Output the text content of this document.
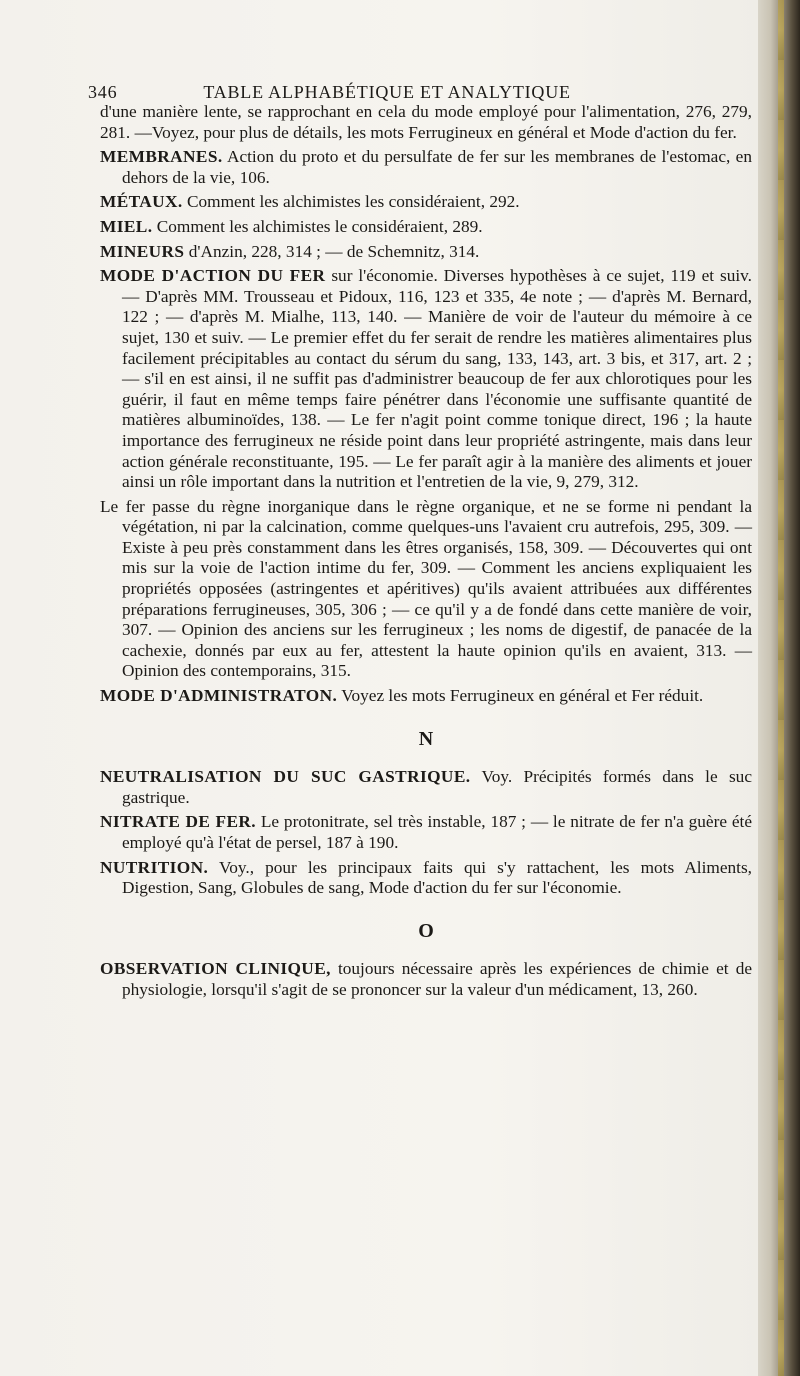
346	TABLE ALPHABÉTIQUE ET ANALYTIQUE

d'une manière lente, se rapprochant en cela du mode employé pour l'alimentation, 276, 279, 281. —Voyez, pour plus de détails, les mots Ferrugineux en général et Mode d'action du fer.

MEMBRANES. Action du proto et du persulfate de fer sur les membranes de l'estomac, en dehors de la vie, 106.

MÉTAUX. Comment les alchimistes les considéraient, 292.

MIEL. Comment les alchimistes le considéraient, 289.

MINEURS d'Anzin, 228, 314 ; — de Schemnitz, 314.

MODE D'ACTION DU FER sur l'économie. Diverses hypothèses à ce sujet, 119 et suiv. — D'après MM. Trousseau et Pidoux, 116, 123 et 335, 4e note ; — d'après M. Bernard, 122 ; — d'après M. Mialhe, 113, 140. — Manière de voir de l'auteur du mémoire à ce sujet, 130 et suiv. — Le premier effet du fer serait de rendre les matières alimentaires plus facilement précipitables au contact du sérum du sang, 133, 143, art. 3 bis, et 317, art. 2 ; — s'il en est ainsi, il ne suffit pas d'administrer beaucoup de fer aux chlorotiques pour les guérir, il faut en même temps faire pénétrer dans l'économie une suffisante quantité de matières albuminoïdes, 138. — Le fer n'agit point comme tonique direct, 196 ; la haute importance des ferrugineux ne réside point dans leur propriété astringente, mais dans leur action générale reconstituante, 195. — Le fer paraît agir à la manière des aliments et jouer ainsi un rôle important dans la nutrition et l'entretien de la vie, 9, 279, 312.

Le fer passe du règne inorganique dans le règne organique, et ne se forme ni pendant la végétation, ni par la calcination, comme quelques-uns l'avaient cru autrefois, 295, 309. — Existe à peu près constamment dans les êtres organisés, 158, 309. — Découvertes qui ont mis sur la voie de l'action intime du fer, 309. — Comment les anciens expliquaient les propriétés opposées (astringentes et apéritives) qu'ils avaient attribuées aux différentes préparations ferrugineuses, 305, 306 ; — ce qu'il y a de fondé dans cette manière de voir, 307. — Opinion des anciens sur les ferrugineux ; les noms de digestif, de panacée de la cachexie, donnés par eux au fer, attestent la haute opinion qu'ils en avaient, 313. — Opinion des contemporains, 315.

MODE D'ADMINISTRATON. Voyez les mots Ferrugineux en général et Fer réduit.

N

NEUTRALISATION DU SUC GASTRIQUE. Voy. Précipités formés dans le suc gastrique.

NITRATE DE FER. Le protonitrate, sel très instable, 187 ; — le nitrate de fer n'a guère été employé qu'à l'état de persel, 187 à 190.

NUTRITION. Voy., pour les principaux faits qui s'y rattachent, les mots Aliments, Digestion, Sang, Globules de sang, Mode d'action du fer sur l'économie.

O

OBSERVATION CLINIQUE, toujours nécessaire après les expériences de chimie et de physiologie, lorsqu'il s'agit de se prononcer sur la valeur d'un médicament, 13, 260.
